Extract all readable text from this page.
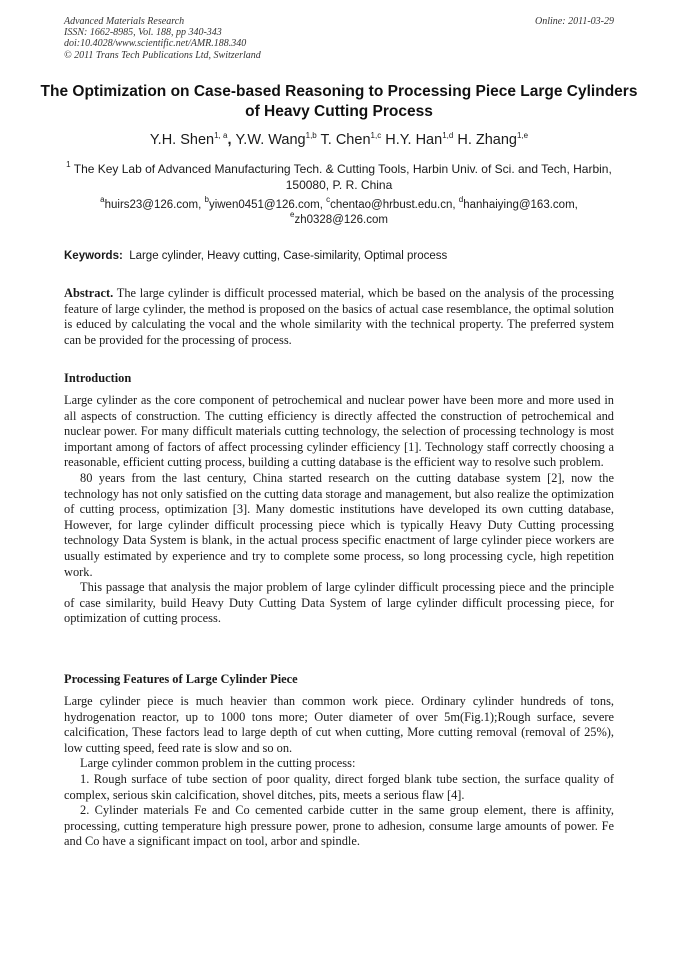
Advanced Materials Research
ISSN: 1662-8985, Vol. 188, pp 340-343
doi:10.4028/www.scientific.net/AMR.188.340
© 2011 Trans Tech Publications Ltd, Switzerland
Online: 2011-03-29
The Optimization on Case-based Reasoning to Processing Piece Large Cylinders of Heavy Cutting Process
Y.H. Shen$^{1, a}$, Y.W. Wang$^{1,b}$ T. Chen$^{1,c}$ H.Y. Han$^{1,d}$ H. Zhang$^{1,e}$
$^1$ The Key Lab of Advanced Manufacturing Tech. & Cutting Tools, Harbin Univ. of Sci. and Tech, Harbin, 150080, P. R. China
$^a$huirs23@126.com, $^b$yiwen0451@126.com, $^c$chentao@hrbust.edu.cn, $^d$hanhaiying@163.com,
$^e$zh0328@126.com
Keywords: Large cylinder, Heavy cutting, Case-similarity, Optimal process

Abstract. The large cylinder is difficult processed material, which be based on the analysis of the processing feature of large cylinder, the method is proposed on the basics of actual case resemblance, the optimal solution is educed by calculating the vocal and the whole similarity with the technical property. The preferred system can be provided for the processing of process.

Introduction

Large cylinder as the core component of petrochemical and nuclear power have been more and more used in all aspects of construction. The cutting efficiency is directly affected the construction of petrochemical and nuclear power. For many difficult materials cutting technology, the selection of processing technology is most important among of factors of affect processing cylinder efficiency [1]. Technology staff correctly choosing a reasonable, efficient cutting process, building a cutting database is the efficient way to resolve such problem.

80 years from the last century, China started research on the cutting database system [2], now the technology has not only satisfied on the cutting data storage and management, but also realize the optimization of cutting process, optimization [3]. Many domestic institutions have developed its own cutting database, However, for large cylinder difficult processing piece which is typically Heavy Duty Cutting processing technology Data System is blank, in the actual process specific enactment of large cylinder piece workers are usually estimated by experience and try to complete some process, so long processing cycle, high repetition work.

This passage that analysis the major problem of large cylinder difficult processing piece and the principle of case similarity, build Heavy Duty Cutting Data System of large cylinder difficult processing piece, for optimization of cutting process.

Processing Features of Large Cylinder Piece

Large cylinder piece is much heavier than common work piece. Ordinary cylinder hundreds of tons, hydrogenation reactor, up to 1000 tons more; Outer diameter of over 5m(Fig.1);Rough surface, severe calcification, These factors lead to large depth of cut when cutting, More cutting removal (removal of 25%), low cutting speed, feed rate is slow and so on.

Large cylinder common problem in the cutting process:

1. Rough surface of tube section of poor quality, direct forged blank tube section, the surface quality of complex, serious skin calcification, shovel ditches, pits, meets a serious flaw [4].

2. Cylinder materials Fe and Co cemented carbide cutter in the same group element, there is affinity, processing, cutting temperature high pressure power, prone to adhesion, consume large amounts of power. Fe and Co have a significant impact on tool, arbor and spindle.
